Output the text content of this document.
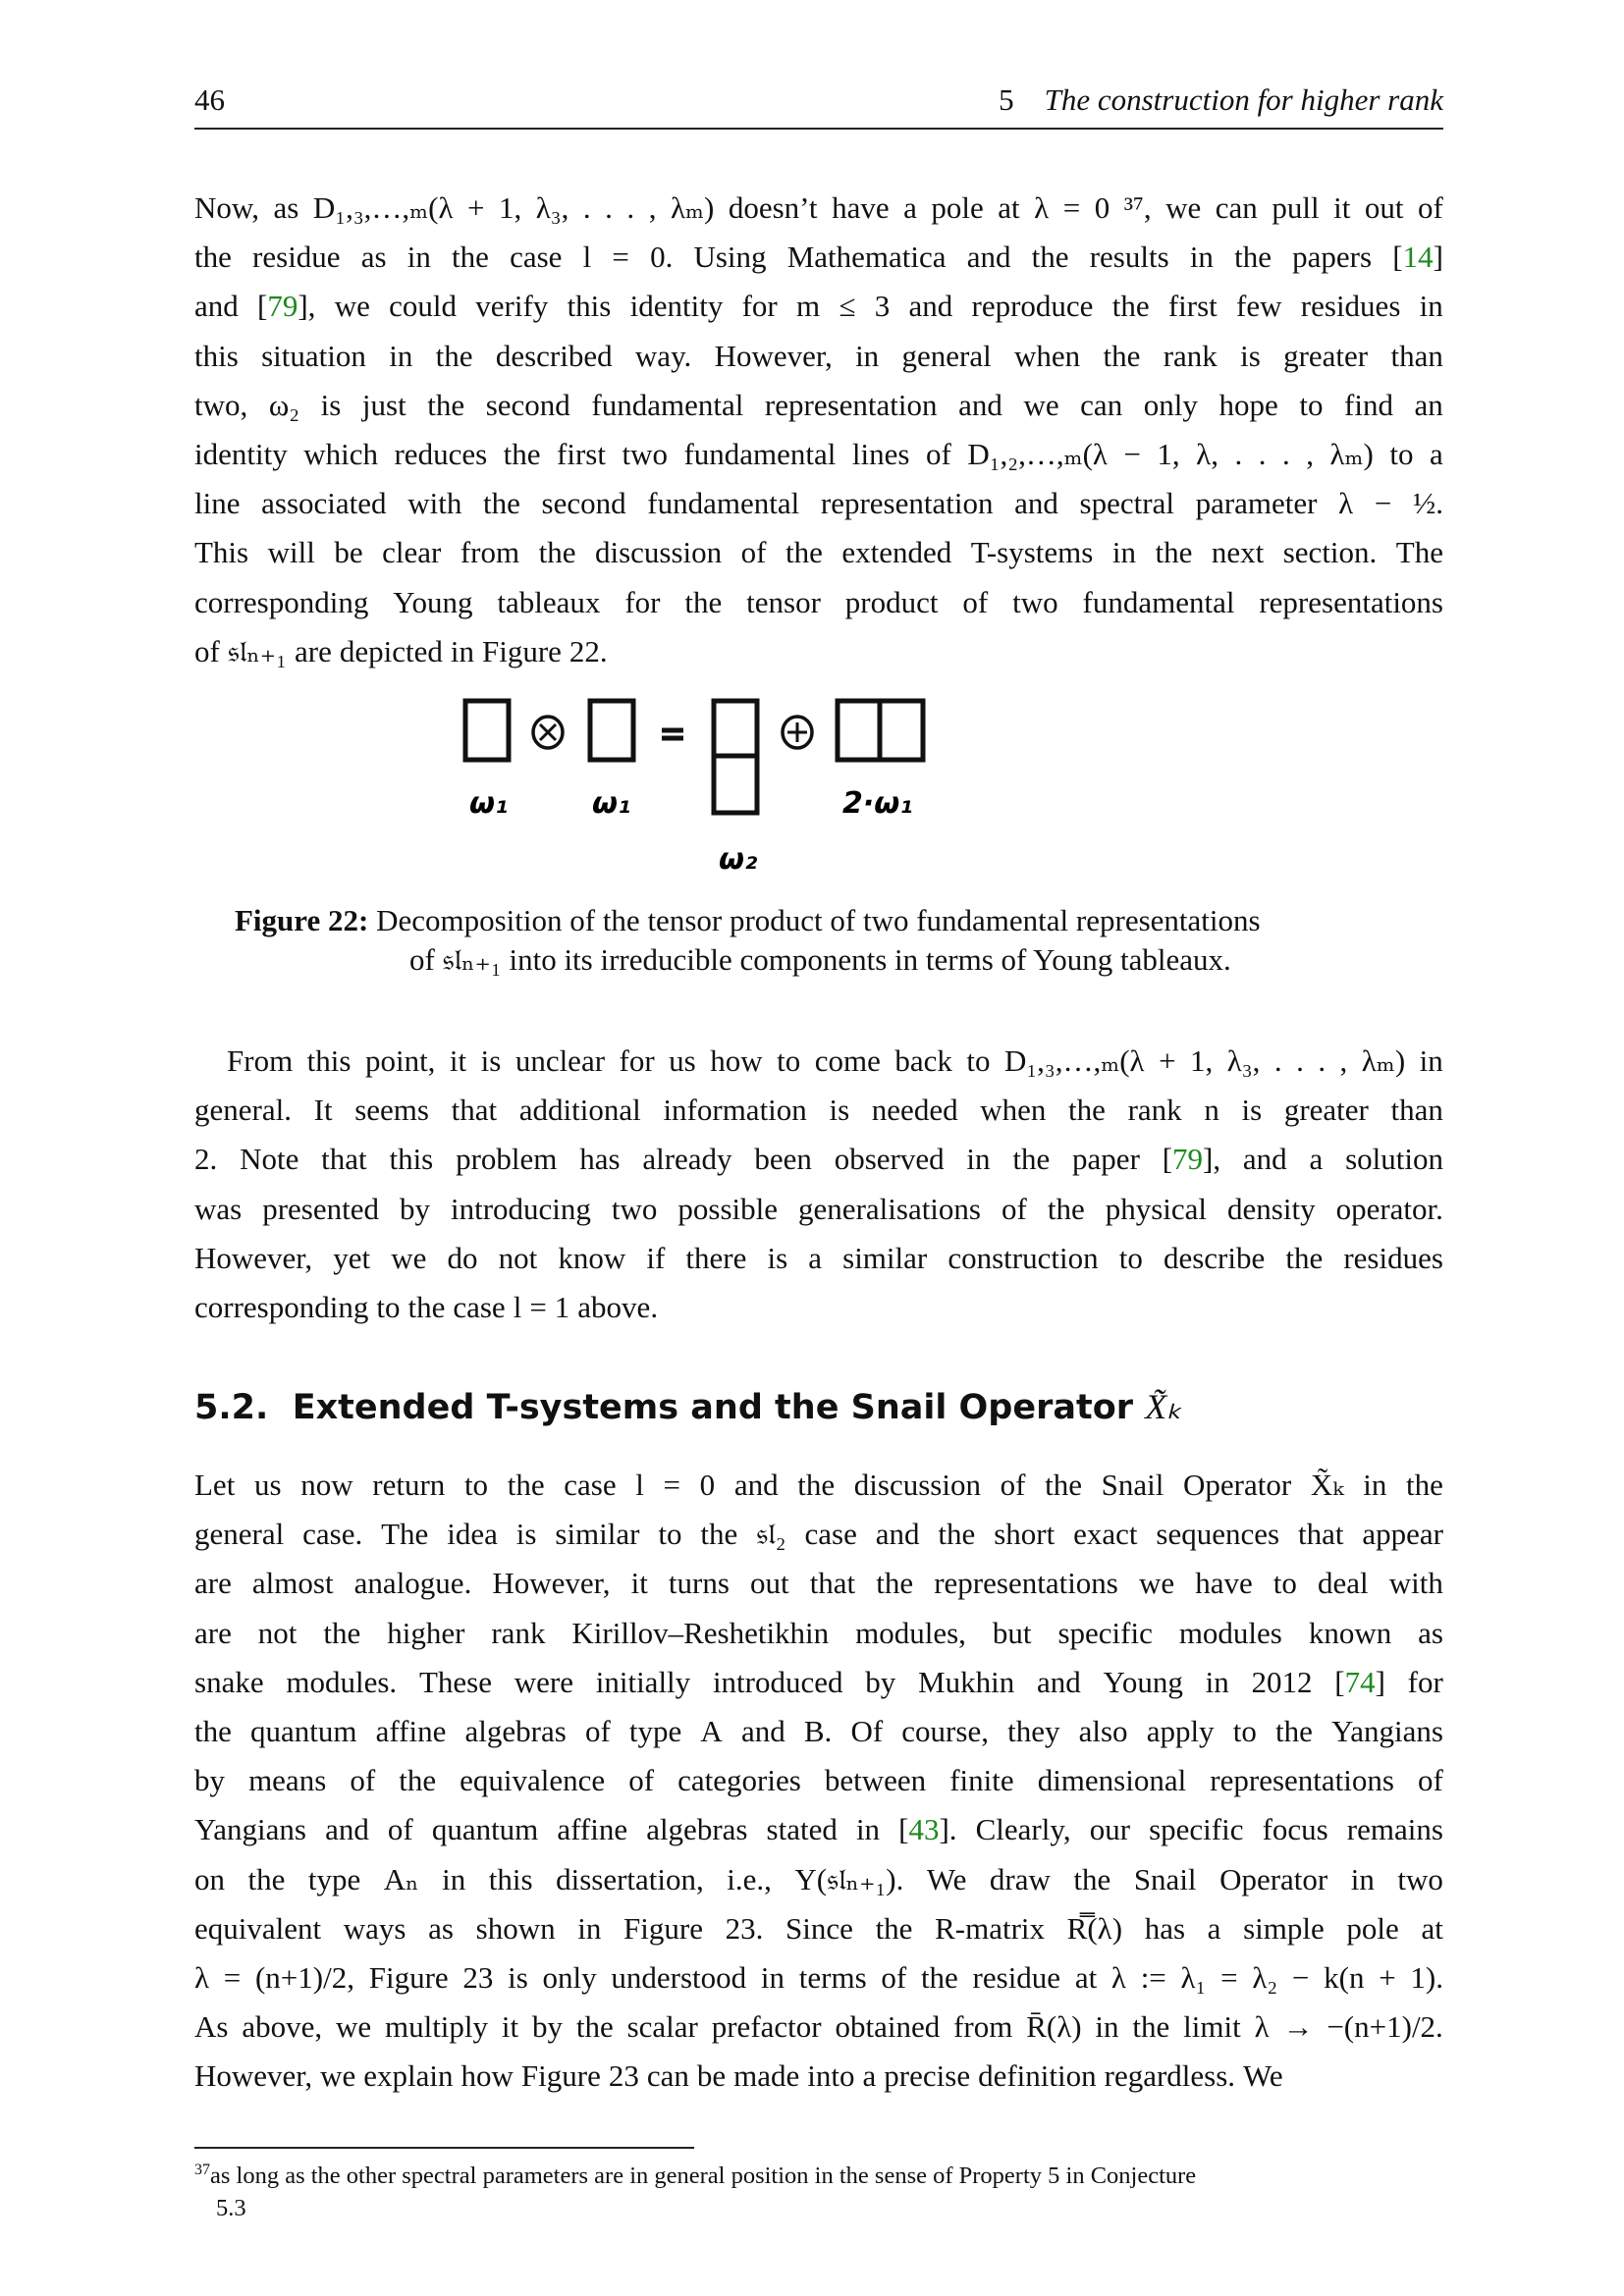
46	5 The construction for higher rank
Now, as D₁,₃,…,ₘ(λ + 1, λ₃, . . . , λₘ) doesn’t have a pole at λ = 0 ³⁷, we can pull it out of
the residue as in the case l = 0. Using Mathematica and the results in the papers [14]
and [79], we could verify this identity for m ≤ 3 and reproduce the first few residues in
this situation in the described way. However, in general when the rank is greater than
two, ω₂ is just the second fundamental representation and we can only hope to find an
identity which reduces the first two fundamental lines of D₁,₂,…,ₘ(λ − 1, λ, . . . , λₘ) to a
line associated with the second fundamental representation and spectral parameter λ − ½.
This will be clear from the discussion of the extended T-systems in the next section. The
corresponding Young tableaux for the tensor product of two fundamental representations
of 𝔰𝔩ₙ₊₁ are depicted in Figure 22.
ω₁	ω₁
ω₂
2·ω₁
Figure 22: Decomposition of the tensor product of two fundamental representations
of 𝔰𝔩ₙ₊₁ into its irreducible components in terms of Young tableaux.
From this point, it is unclear for us how to come back to D₁,₃,…,ₘ(λ + 1, λ₃, . . . , λₘ) in
general. It seems that additional information is needed when the rank n is greater than
2. Note that this problem has already been observed in the paper [79], and a solution
was presented by introducing two possible generalisations of the physical density operator.
However, yet we do not know if there is a similar construction to describe the residues
corresponding to the case l = 1 above.
5.2. Extended T-systems and the Snail Operator X̃ₖ
Let us now return to the case l = 0 and the discussion of the Snail Operator X̃ₖ in the
general case. The idea is similar to the 𝔰𝔩₂ case and the short exact sequences that appear
are almost analogue. However, it turns out that the representations we have to deal with
are not the higher rank Kirillov–Reshetikhin modules, but specific modules known as
snake modules. These were initially introduced by Mukhin and Young in 2012 [74] for
the quantum affine algebras of type A and B. Of course, they also apply to the Yangians
by means of the equivalence of categories between finite dimensional representations of
Yangians and of quantum affine algebras stated in [43]. Clearly, our specific focus remains
on the type Aₙ in this dissertation, i.e., Y(𝔰𝔩ₙ₊₁). We draw the Snail Operator in two
equivalent ways as shown in Figure 23. Since the R-matrix R̿(λ) has a simple pole at
λ = (n+1)/2, Figure 23 is only understood in terms of the residue at λ := λ₁ = λ₂ − k(n + 1).
As above, we multiply it by the scalar prefactor obtained from R̄(λ) in the limit λ → −(n+1)/2.
However, we explain how Figure 23 can be made into a precise definition regardless. We
$^{37}$as long as the other spectral parameters are in general position in the sense of Property 5 in Conjecture
5.3
